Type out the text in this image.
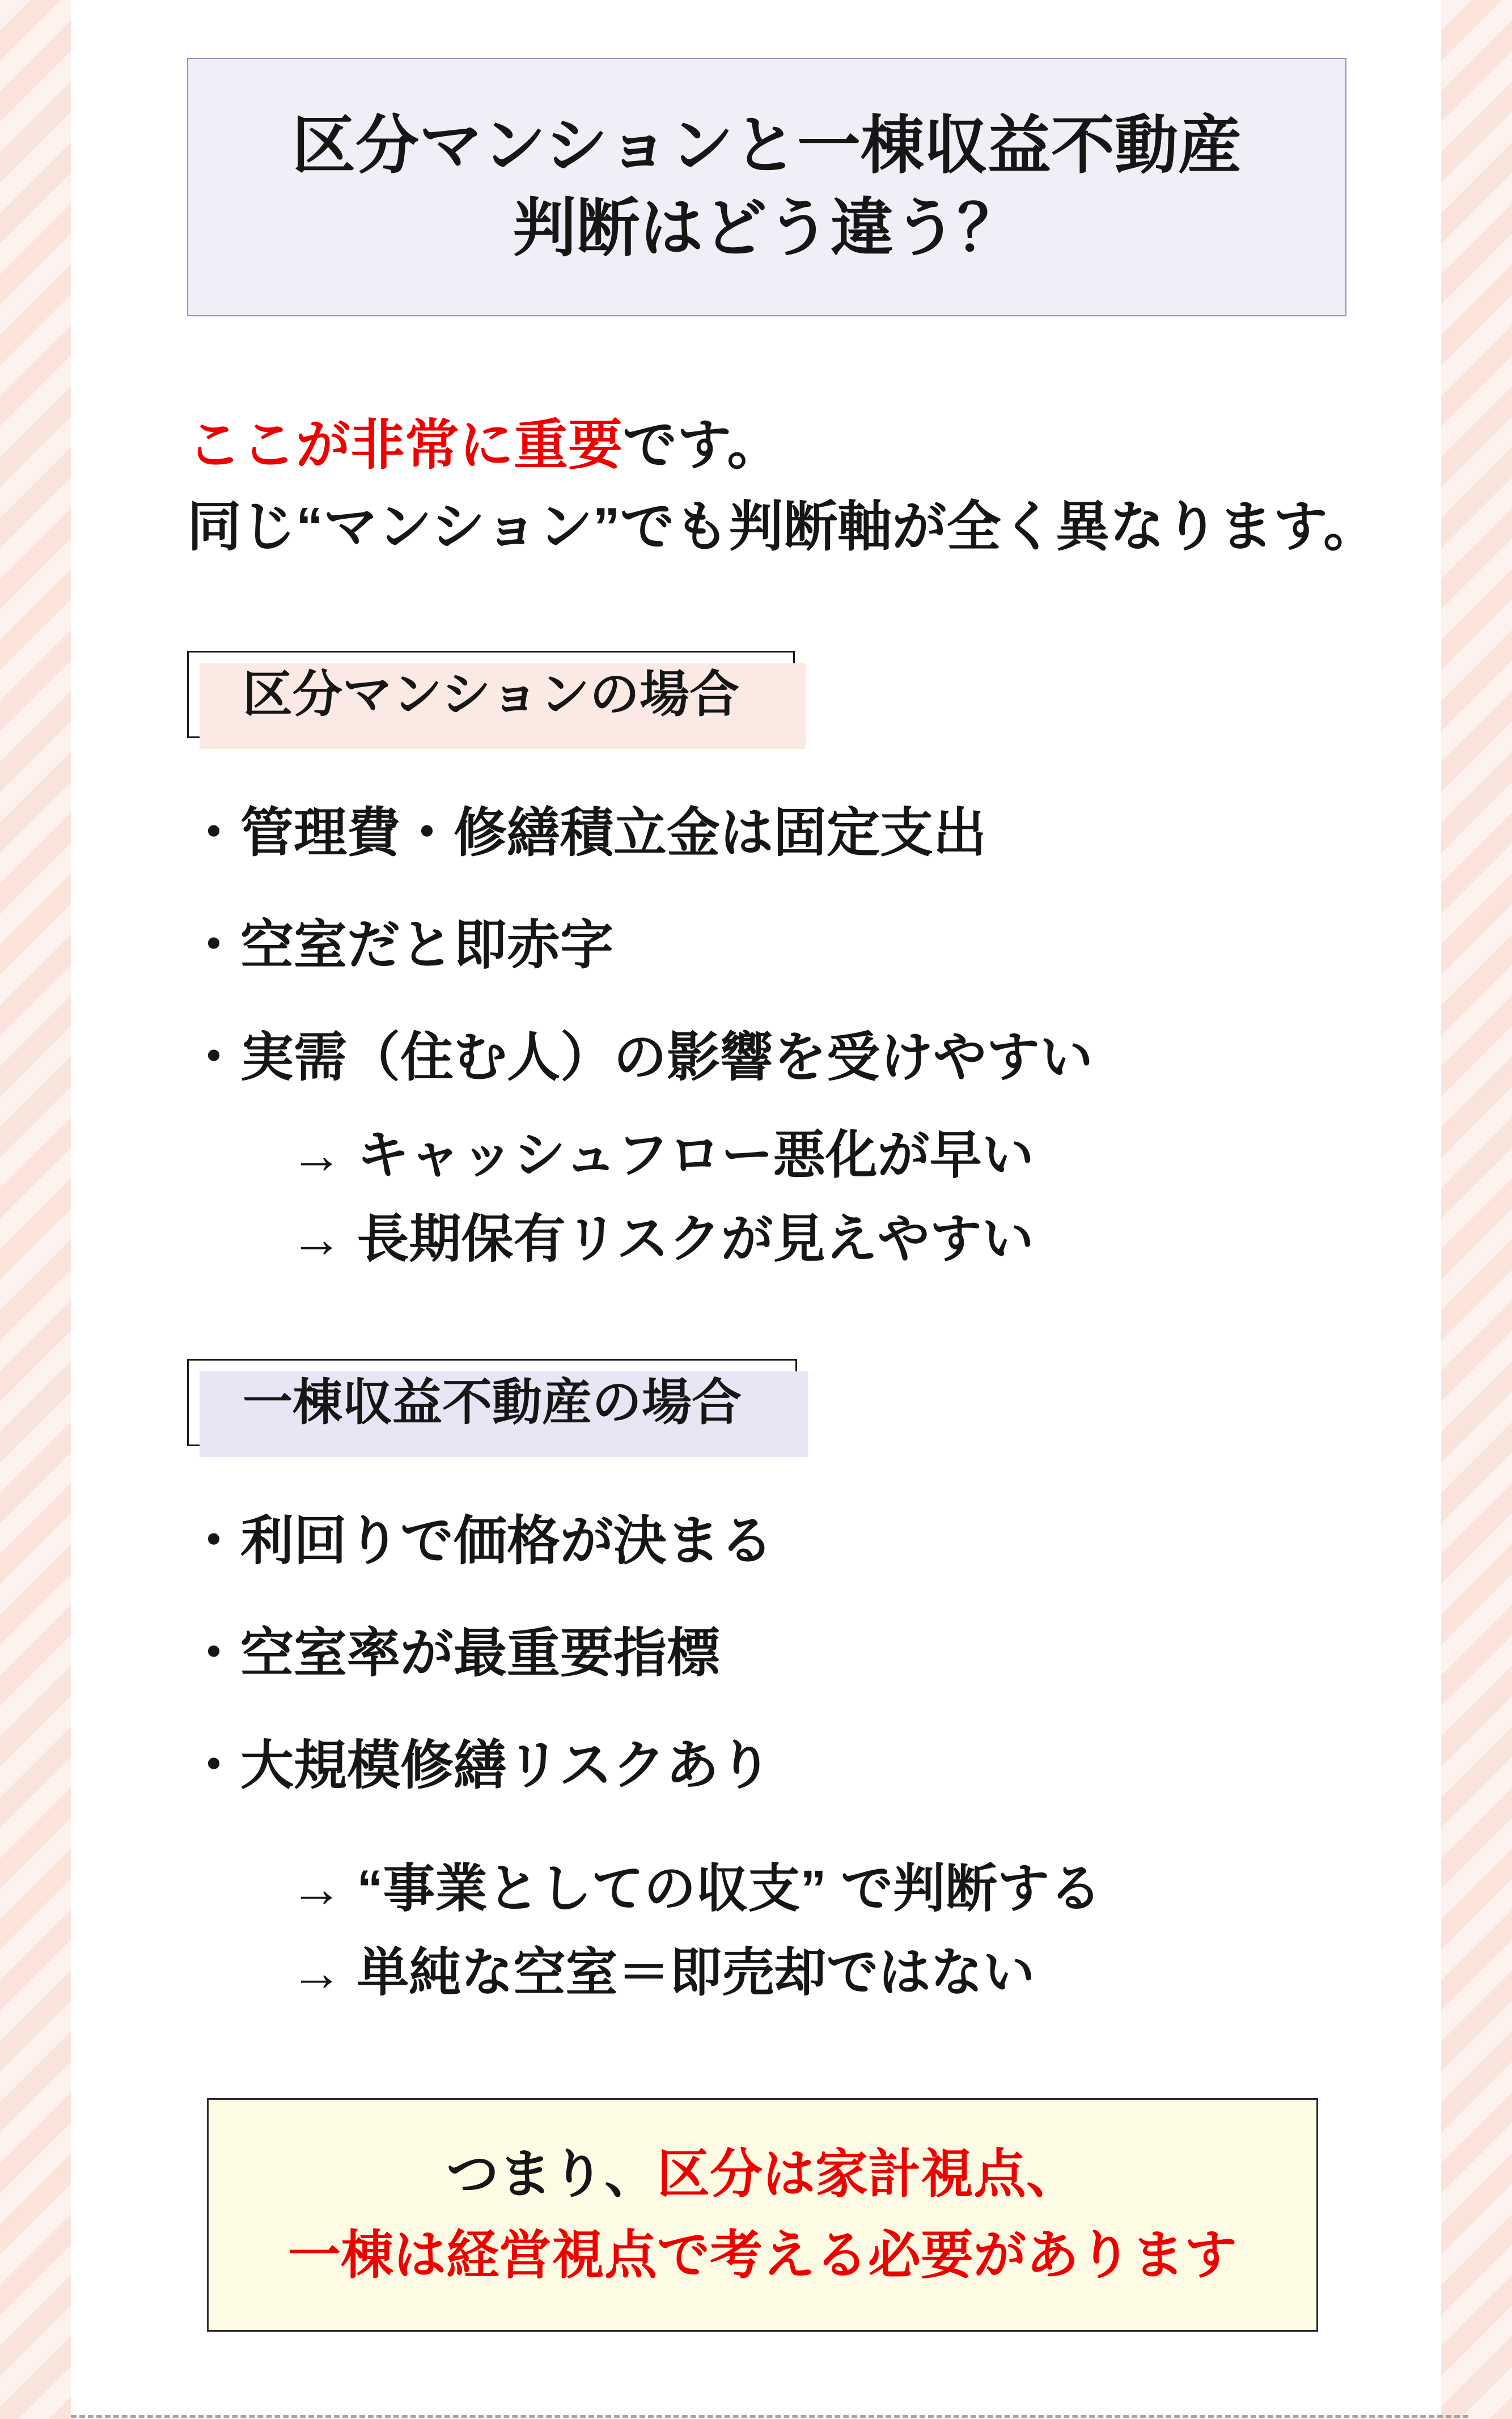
区分マンションと一棟収益不動産
判断はどう違う？

ここが非常に重要です。

同じ“マンション”でも判断軸が全く異なります。

区分マンションの場合
・管理費・修繕積立金は固定支出
・空室だと即赤字
・実需（住む人）の影響を受けやすい

→ キャッシュフロー悪化が早い

→ 長期保有リスクが見えやすい

一棟収益不動産の場合
・利回りで価格が決まる
・空室率が最重要指標
・大規模修繕リスクあり

→ “事業としての収支” で判断する

→ 単純な空室＝即売却ではない

つまり、区分は家計視点、

一棟は経営視点で考える必要があります
